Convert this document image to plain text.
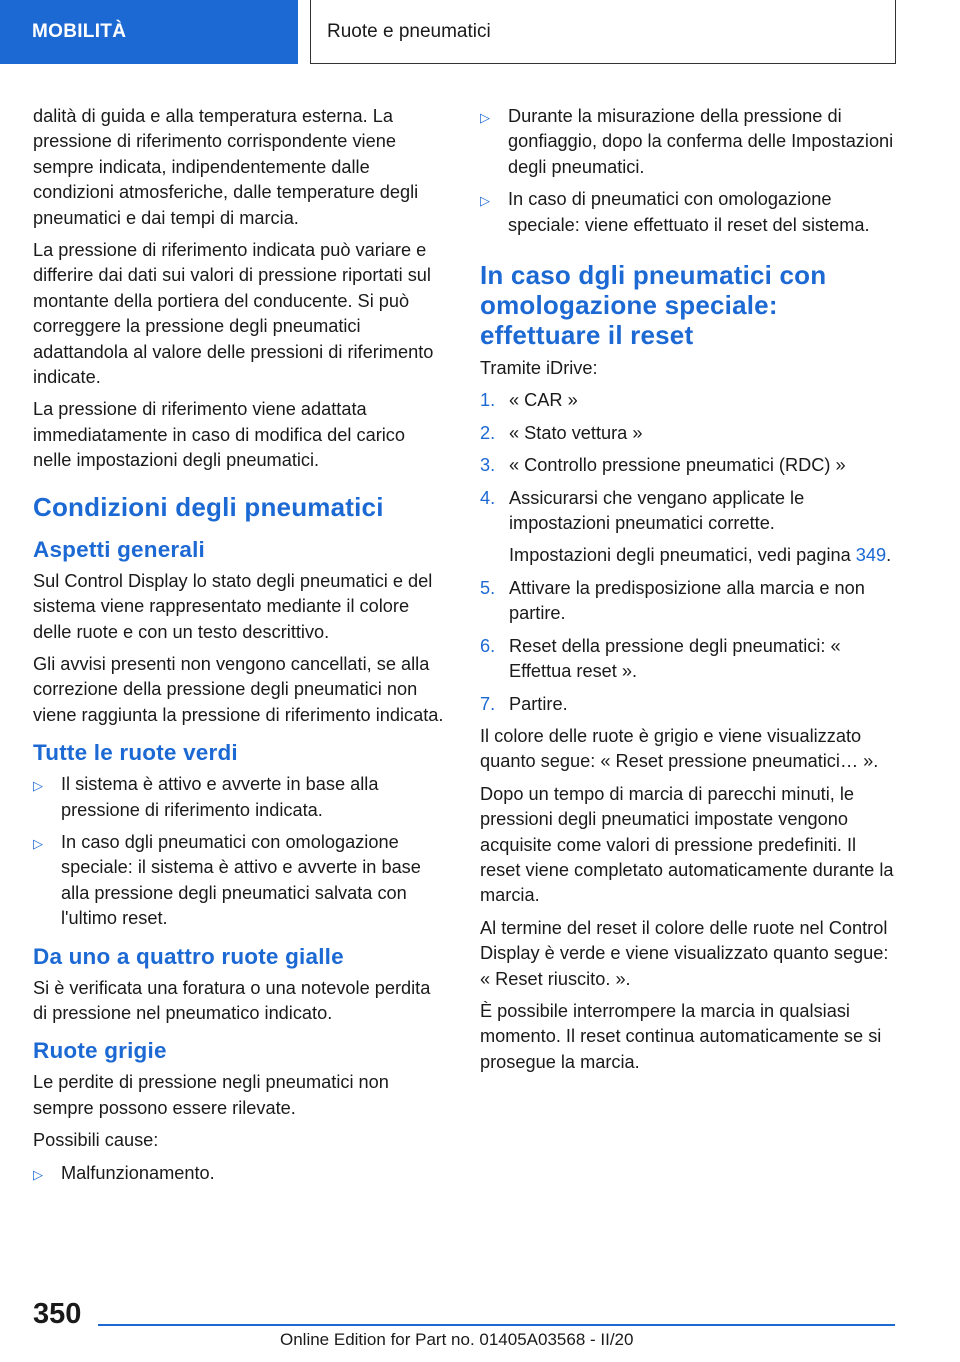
MOBILITÀ	Ruote e pneumatici

dalità di guida e alla temperatura esterna. La pressione di riferimento corrispondente viene sempre indicata, indipendentemente dalle condizioni atmosferiche, dalle temperature degli pneumatici e dai tempi di marcia.

La pressione di riferimento indicata può variare e differire dai dati sui valori di pressione riportati sul montante della portiera del conducente. Si può correggere la pressione degli pneumatici adattandola al valore delle pressioni di riferimento indicate.

La pressione di riferimento viene adattata immediatamente in caso di modifica del carico nelle impostazioni degli pneumatici.

Condizioni degli pneumatici
Aspetti generali

Sul Control Display lo stato degli pneumatici e del sistema viene rappresentato mediante il colore delle ruote e con un testo descrittivo.

Gli avvisi presenti non vengono cancellati, se alla correzione della pressione degli pneumatici non viene raggiunta la pressione di riferimento indicata.

Tutte le ruote verdi
▷ Il sistema è attivo e avverte in base alla pressione di riferimento indicata.
▷ In caso dgli pneumatici con omologazione speciale: il sistema è attivo e avverte in base alla pressione degli pneumatici salvata con l'ultimo reset.
Da uno a quattro ruote gialle

Si è verificata una foratura o una notevole perdita di pressione nel pneumatico indicato.

Ruote grigie

Le perdite di pressione negli pneumatici non sempre possono essere rilevate.

Possibili cause:

▷ Malfunzionamento.
▷ Durante la misurazione della pressione di gonfiaggio, dopo la conferma delle Impostazioni degli pneumatici.
▷ In caso di pneumatici con omologazione speciale: viene effettuato il reset del sistema.
In caso dgli pneumatici con omologazione speciale: effettuare il reset

Tramite iDrive:

1. « CAR »
2. « Stato vettura »
3. « Controllo pressione pneumatici (RDC) »
4. Assicurarsi che vengano applicate le impostazioni pneumatici corrette.
Impostazioni degli pneumatici, vedi pagina 349.
5. Attivare la predisposizione alla marcia e non partire.
6. Reset della pressione degli pneumatici: « Effettua reset ».
7. Partire.

Il colore delle ruote è grigio e viene visualizzato quanto segue: « Reset pressione pneumatici… ».

Dopo un tempo di marcia di parecchi minuti, le pressioni degli pneumatici impostate vengono acquisite come valori di pressione predefiniti. Il reset viene completato automaticamente durante la marcia.

Al termine del reset il colore delle ruote nel Control Display è verde e viene visualizzato quanto segue: « Reset riuscito. ».

È possibile interrompere la marcia in qualsiasi momento. Il reset continua automaticamente se si prosegue la marcia.

350
Online Edition for Part no. 01405A03568 - II/20
